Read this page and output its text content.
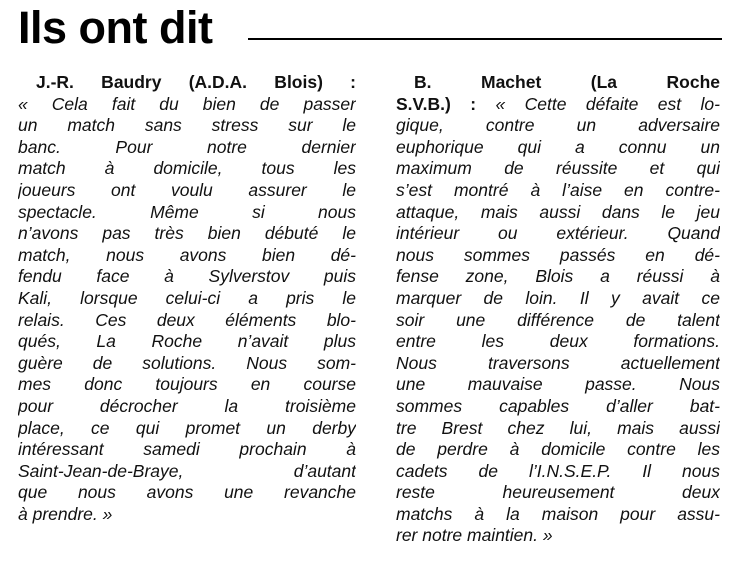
Ils ont dit
J.-R. Baudry (A.D.A. Blois) :
« Cela fait du bien de passer
un match sans stress sur le
banc. Pour notre dernier
match à domicile, tous les
joueurs ont voulu assurer le
spectacle. Même si nous
n’avons pas très bien débuté le
match, nous avons bien dé-
fendu face à Sylverstov puis
Kali, lorsque celui-ci a pris le
relais. Ces deux éléments blo-
qués, La Roche n’avait plus
guère de solutions. Nous som-
mes donc toujours en course
pour décrocher la troisième
place, ce qui promet un derby
intéressant samedi prochain à
Saint-Jean-de-Braye, d’autant
que nous avons une revanche
à prendre. »
B. Machet (La Roche
S.V.B.) : « Cette défaite est lo-
gique, contre un adversaire
euphorique qui a connu un
maximum de réussite et qui
s’est montré à l’aise en contre-
attaque, mais aussi dans le jeu
intérieur ou extérieur. Quand
nous sommes passés en dé-
fense zone, Blois a réussi à
marquer de loin. Il y avait ce
soir une différence de talent
entre les deux formations.
Nous traversons actuellement
une mauvaise passe. Nous
sommes capables d’aller bat-
tre Brest chez lui, mais aussi
de perdre à domicile contre les
cadets de l’I.N.S.E.P. Il nous
reste heureusement deux
matchs à la maison pour assu-
rer notre maintien. »
